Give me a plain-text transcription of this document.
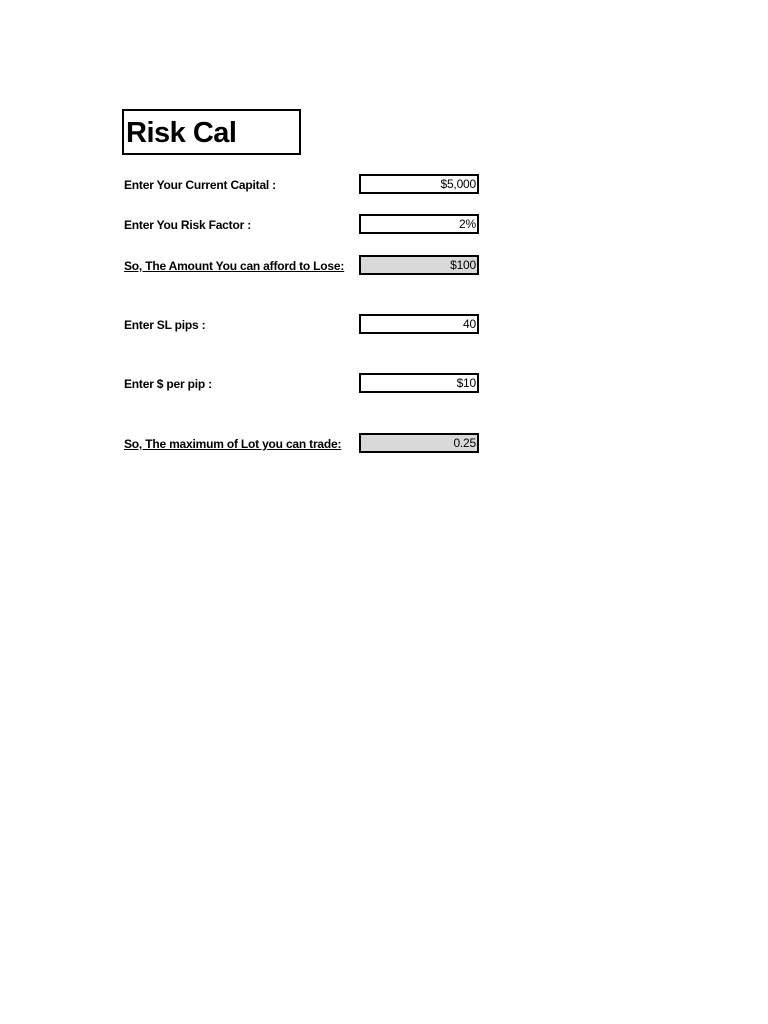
Risk Cal
Enter Your Current Capital :	$5,000
Enter You Risk Factor :	2%
So, The Amount You can afford to Lose:	$100
Enter SL pips :	40
Enter $ per pip :	$10
So, The maximum of Lot you can trade:	0.25
